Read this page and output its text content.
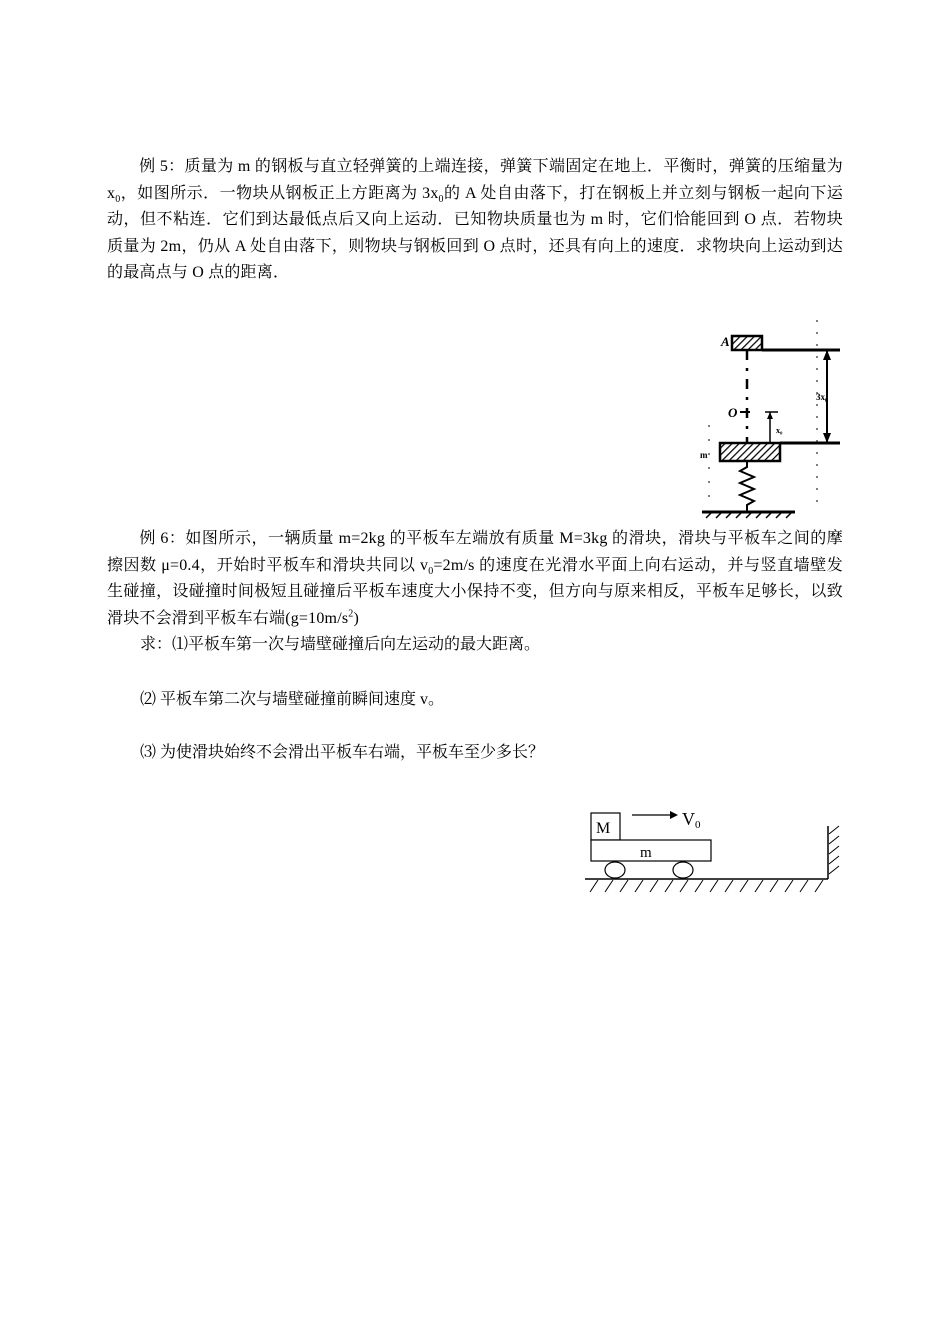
例 5：质量为 m 的钢板与直立轻弹簧的上端连接，弹簧下端固定在地上．平衡时，弹簧的压缩量为 $x_0$，如图所示．一物块从钢板正上方距离为 $3x_0$的 A 处自由落下，打在钢板上并立刻与钢板一起向下运动，但不粘连．它们到达最低点后又向上运动．已知物块质量也为 m 时，它们恰能回到 O 点．若物块质量为 2m，仍从 A 处自由落下，则物块与钢板回到 O 点时，还具有向上的速度．求物块向上运动到达的最高点与 O 点的距离．
A
O
m
x₀
3x₀
例 6：如图所示，一辆质量 m=2kg 的平板车左端放有质量 M=3kg 的滑块，滑块与平板车之间的摩擦因数 μ=0.4，开始时平板车和滑块共同以 $v_0=2m/s$ 的速度在光滑水平面上向右运动，并与竖直墙壁发生碰撞，设碰撞时间极短且碰撞后平板车速度大小保持不变，但方向与原来相反，平板车足够长，以致滑块不会滑到平板车右端$(g=10m/s^2)$
求：⑴平板车第一次与墙壁碰撞后向左运动的最大距离。
⑵ 平板车第二次与墙壁碰撞前瞬间速度 v。
⑶ 为使滑块始终不会滑出平板车右端，平板车至少多长？
M	V0
m
